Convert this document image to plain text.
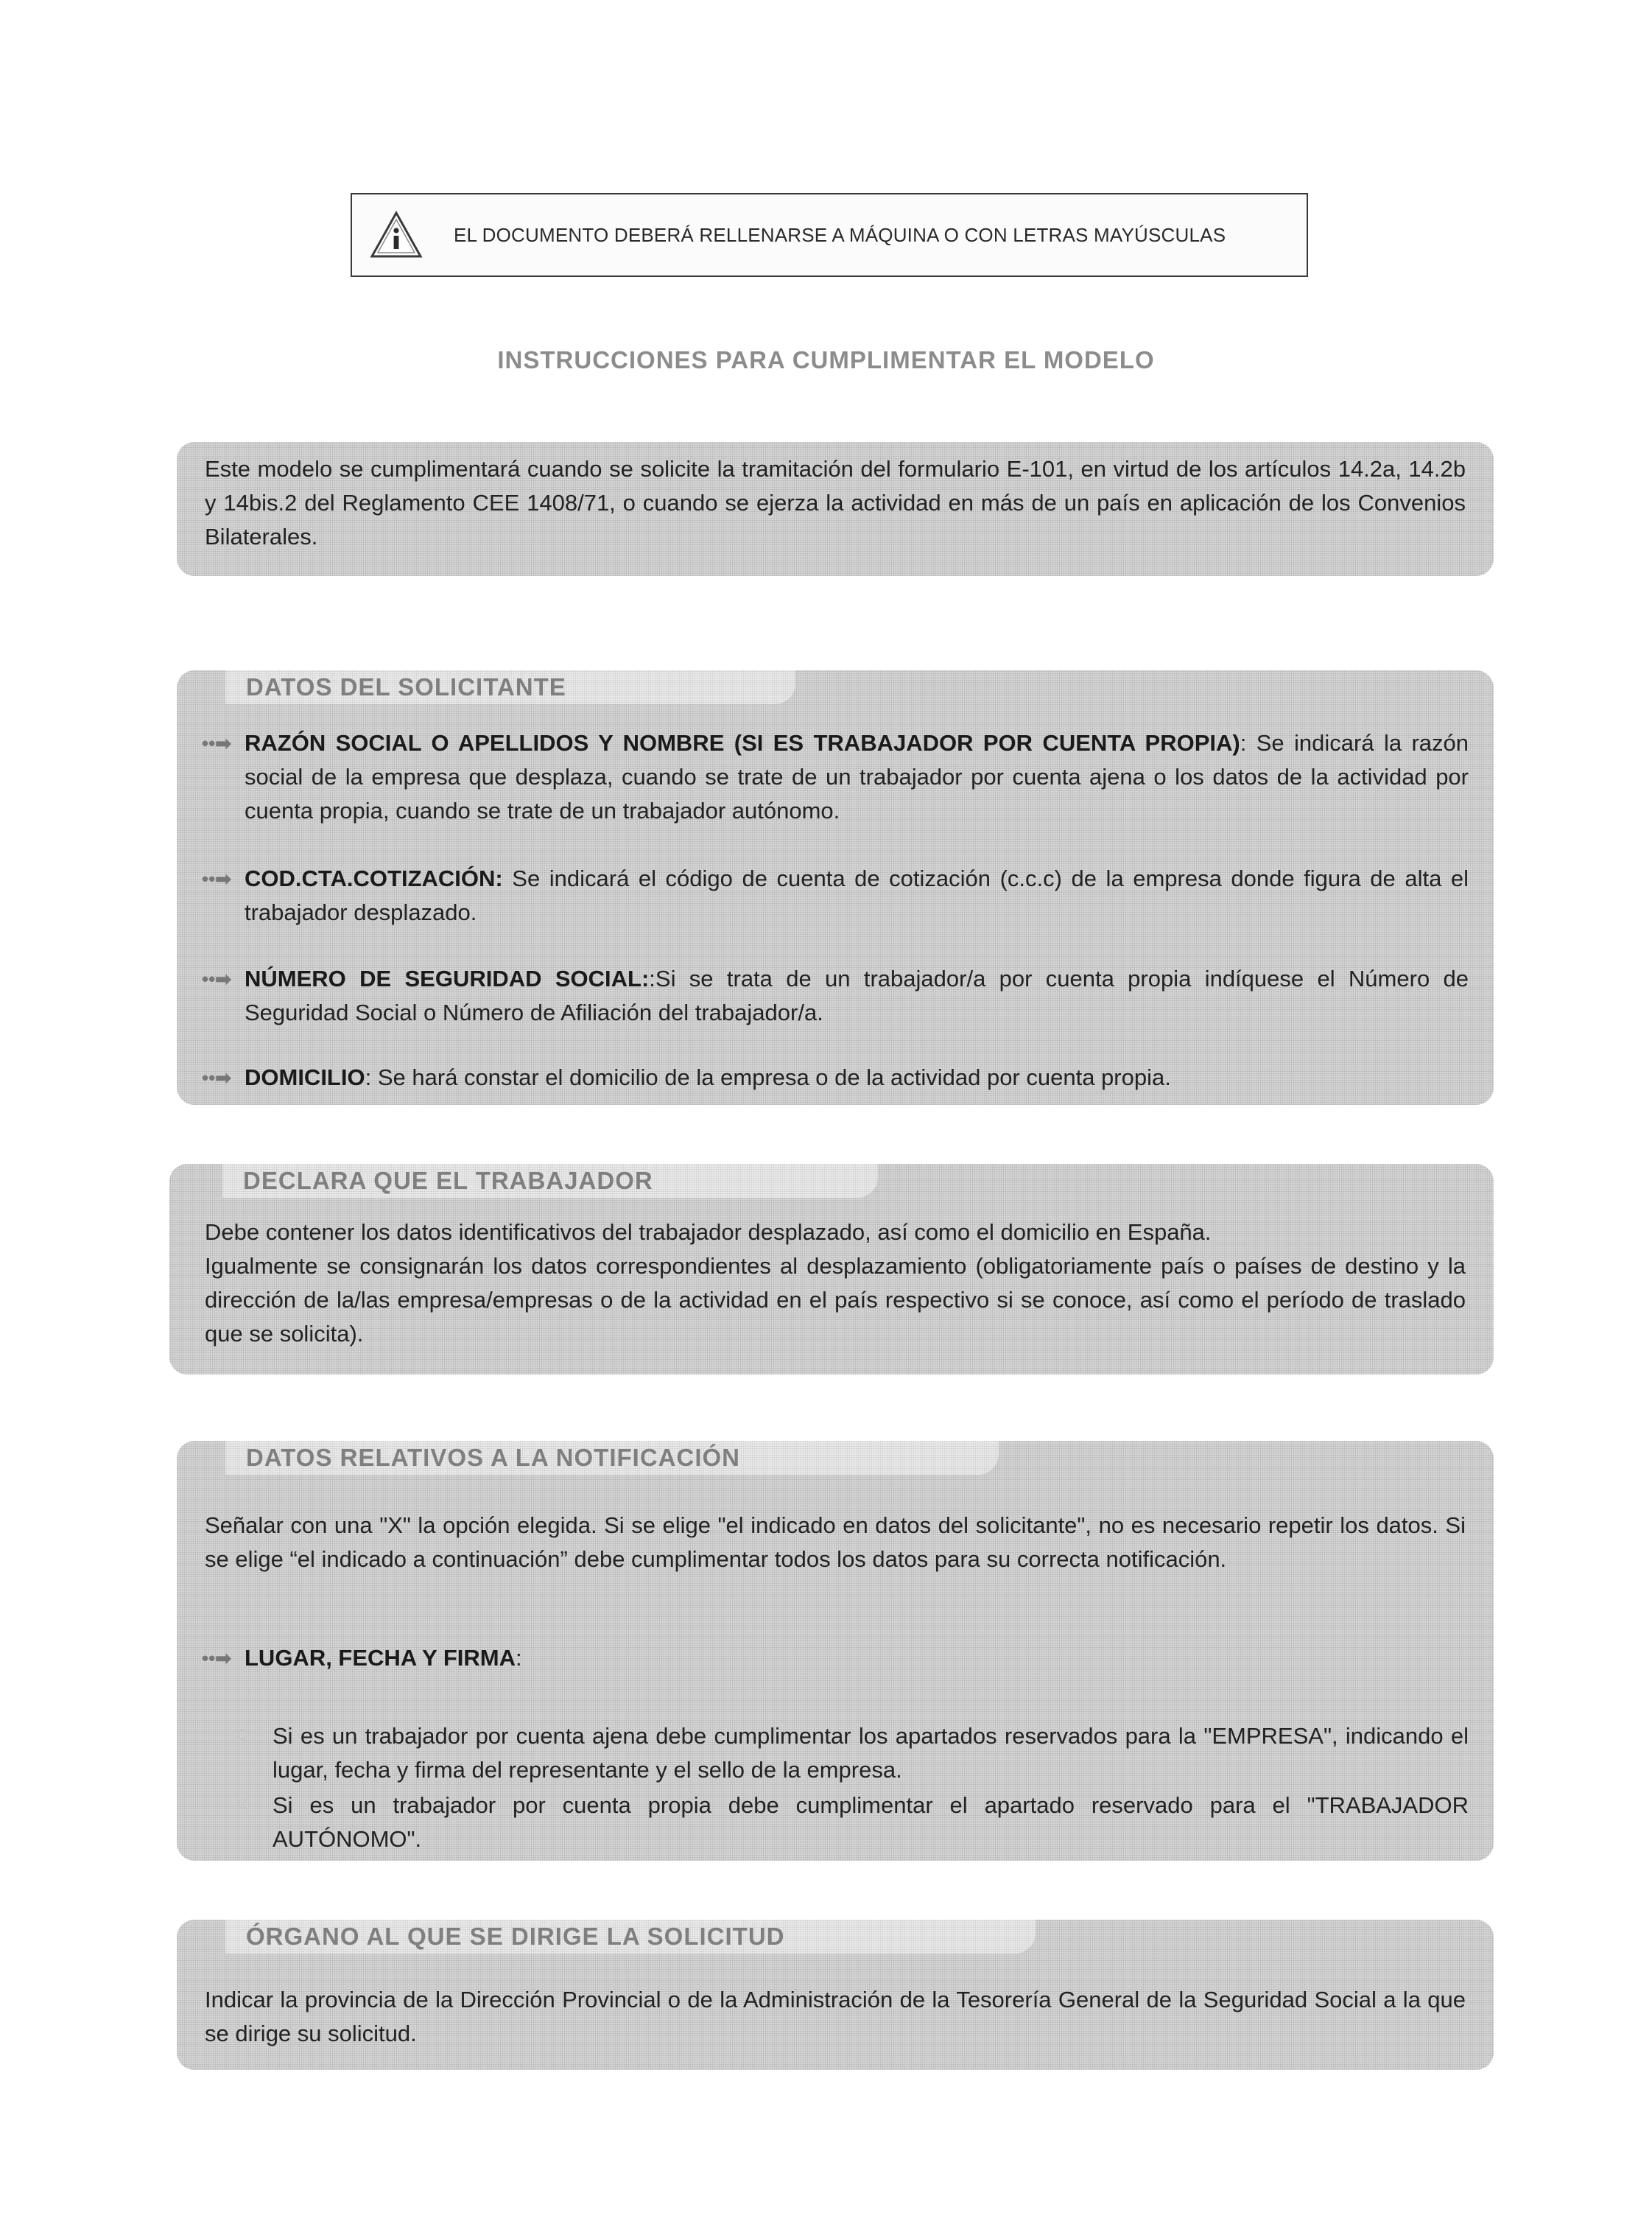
EL DOCUMENTO DEBERÁ RELLENARSE A MÁQUINA O CON LETRAS MAYÚSCULAS
INSTRUCCIONES PARA CUMPLIMENTAR EL MODELO

Este modelo se cumplimentará cuando se solicite la tramitación del formulario E-101, en virtud de los artículos 14.2a, 14.2b y 14bis.2 del Reglamento CEE 1408/71, o cuando se ejerza la actividad en más de un país en aplicación de los Convenios Bilaterales.

DATOS DEL SOLICITANTE
••➡ RAZÓN SOCIAL O APELLIDOS Y NOMBRE (SI ES TRABAJADOR POR CUENTA PROPIA): Se indicará la razón social de la empresa que desplaza, cuando se trate de un trabajador por cuenta ajena o los datos de la actividad por cuenta propia, cuando se trate de un trabajador autónomo.
••➡ COD.CTA.COTIZACIÓN: Se indicará el código de cuenta de cotización (c.c.c) de la empresa donde figura de alta el trabajador desplazado.
••➡ NÚMERO DE SEGURIDAD SOCIAL::Si se trata de un trabajador/a por cuenta propia indíquese el Número de Seguridad Social o Número de Afiliación del trabajador/a.
••➡ DOMICILIO: Se hará constar el domicilio de la empresa o de la actividad por cuenta propia.
DECLARA QUE EL TRABAJADOR

Debe contener los datos identificativos del trabajador desplazado, así como el domicilio en España.

Igualmente se consignarán los datos correspondientes al desplazamiento (obligatoriamente país o países de destino y la dirección de la/las empresa/empresas o de la actividad en el país respectivo si se conoce, así como el período de traslado que se solicita).

DATOS RELATIVOS A LA NOTIFICACIÓN

Señalar con una "X" la opción elegida. Si se elige "el indicado en datos del solicitante", no es necesario repetir los datos. Si se elige “el indicado a continuación” debe cumplimentar todos los datos para su correcta notificación.

••➡ LUGAR, FECHA Y FIRMA:
Si es un trabajador por cuenta ajena debe cumplimentar los apartados reservados para la "EMPRESA", indicando el lugar, fecha y firma del representante y el sello de la empresa.
Si es un trabajador por cuenta propia debe cumplimentar el apartado reservado para el "TRABAJADOR AUTÓNOMO".
ÓRGANO AL QUE SE DIRIGE LA SOLICITUD

Indicar la provincia de la Dirección Provincial o de la Administración de la Tesorería General de la Seguridad Social a la que se dirige su solicitud.
